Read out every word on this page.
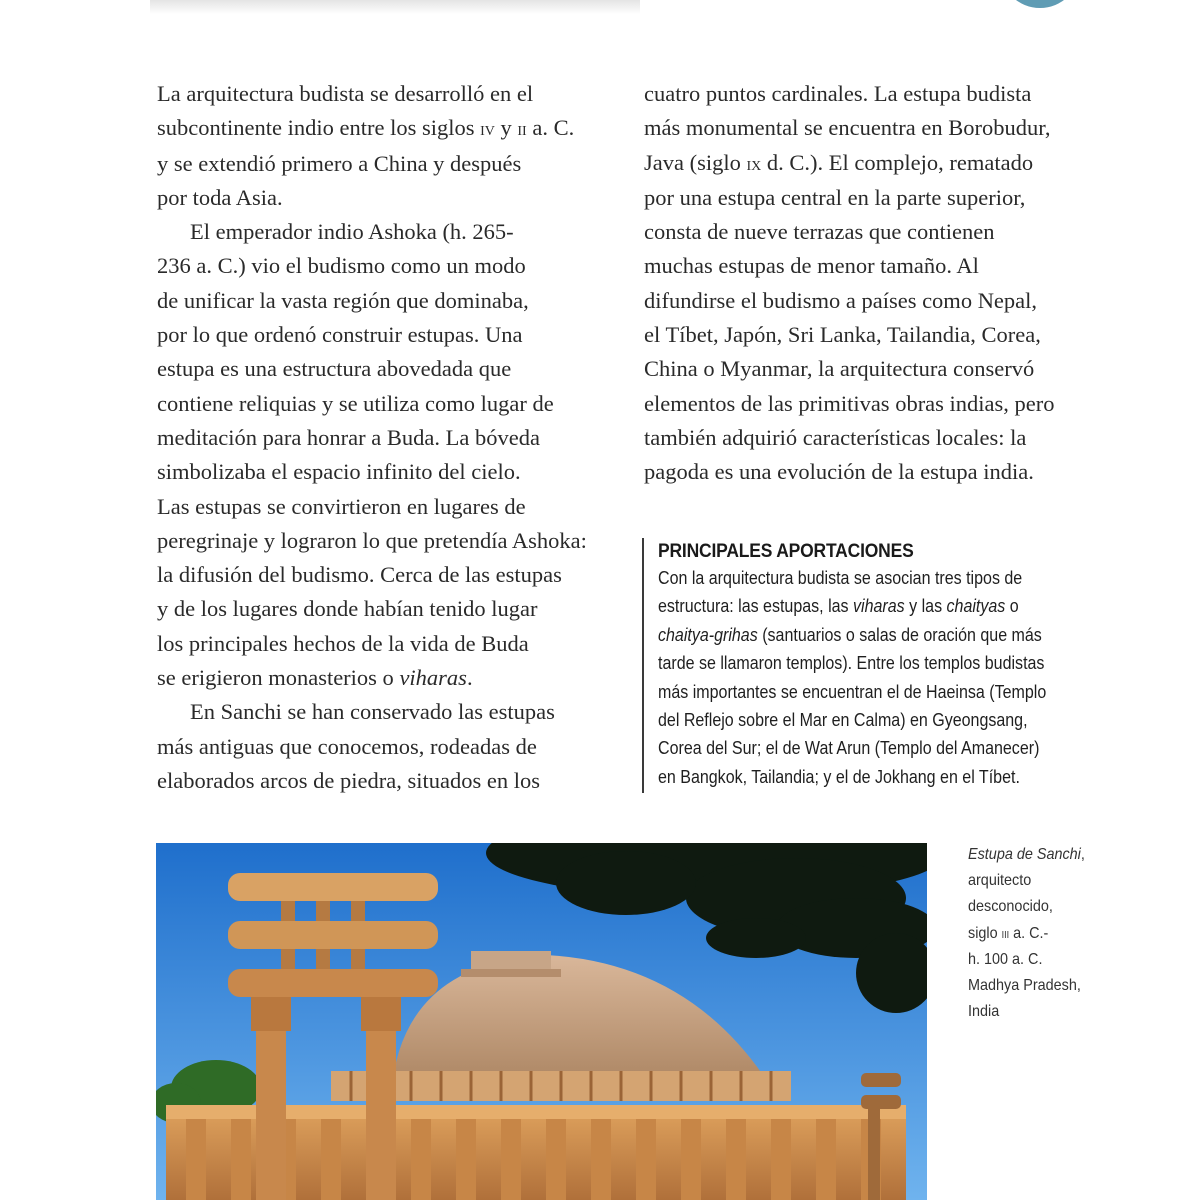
La arquitectura budista se desarrolló en el
subcontinente indio entre los siglos iv y ii a. C.
y se extendió primero a China y después
por toda Asia.

El emperador indio Ashoka (h. 265-
236 a. C.) vio el budismo como un modo
de unificar la vasta región que dominaba,
por lo que ordenó construir estupas. Una
estupa es una estructura abovedada que
contiene reliquias y se utiliza como lugar de
meditación para honrar a Buda. La bóveda
simbolizaba el espacio infinito del cielo.
Las estupas se convirtieron en lugares de
peregrinaje y lograron lo que pretendía Ashoka:
la difusión del budismo. Cerca de las estupas
y de los lugares donde habían tenido lugar
los principales hechos de la vida de Buda
se erigieron monasterios o viharas.

En Sanchi se han conservado las estupas
más antiguas que conocemos, rodeadas de
elaborados arcos de piedra, situados en los

cuatro puntos cardinales. La estupa budista
más monumental se encuentra en Borobudur,
Java (siglo ix d. C.). El complejo, rematado
por una estupa central en la parte superior,
consta de nueve terrazas que contienen
muchas estupas de menor tamaño. Al
difundirse el budismo a países como Nepal,
el Tíbet, Japón, Sri Lanka, Tailandia, Corea,
China o Myanmar, la arquitectura conservó
elementos de las primitivas obras indias, pero
también adquirió características locales: la
pagoda es una evolución de la estupa india.

PRINCIPALES APORTACIONES
Con la arquitectura budista se asocian tres tipos de
estructura: las estupas, las viharas y las chaityas o
chaitya-grihas (santuarios o salas de oración que más
tarde se llamaron templos). Entre los templos budistas
más importantes se encuentran el de Haeinsa (Templo
del Reflejo sobre el Mar en Calma) en Gyeongsang,
Corea del Sur; el de Wat Arun (Templo del Amanecer)
en Bangkok, Tailandia; y el de Jokhang en el Tíbet.
Estupa de Sanchi,
arquitecto
desconocido,
siglo iii a. C.-
h. 100 a. C.
Madhya Pradesh,
India
